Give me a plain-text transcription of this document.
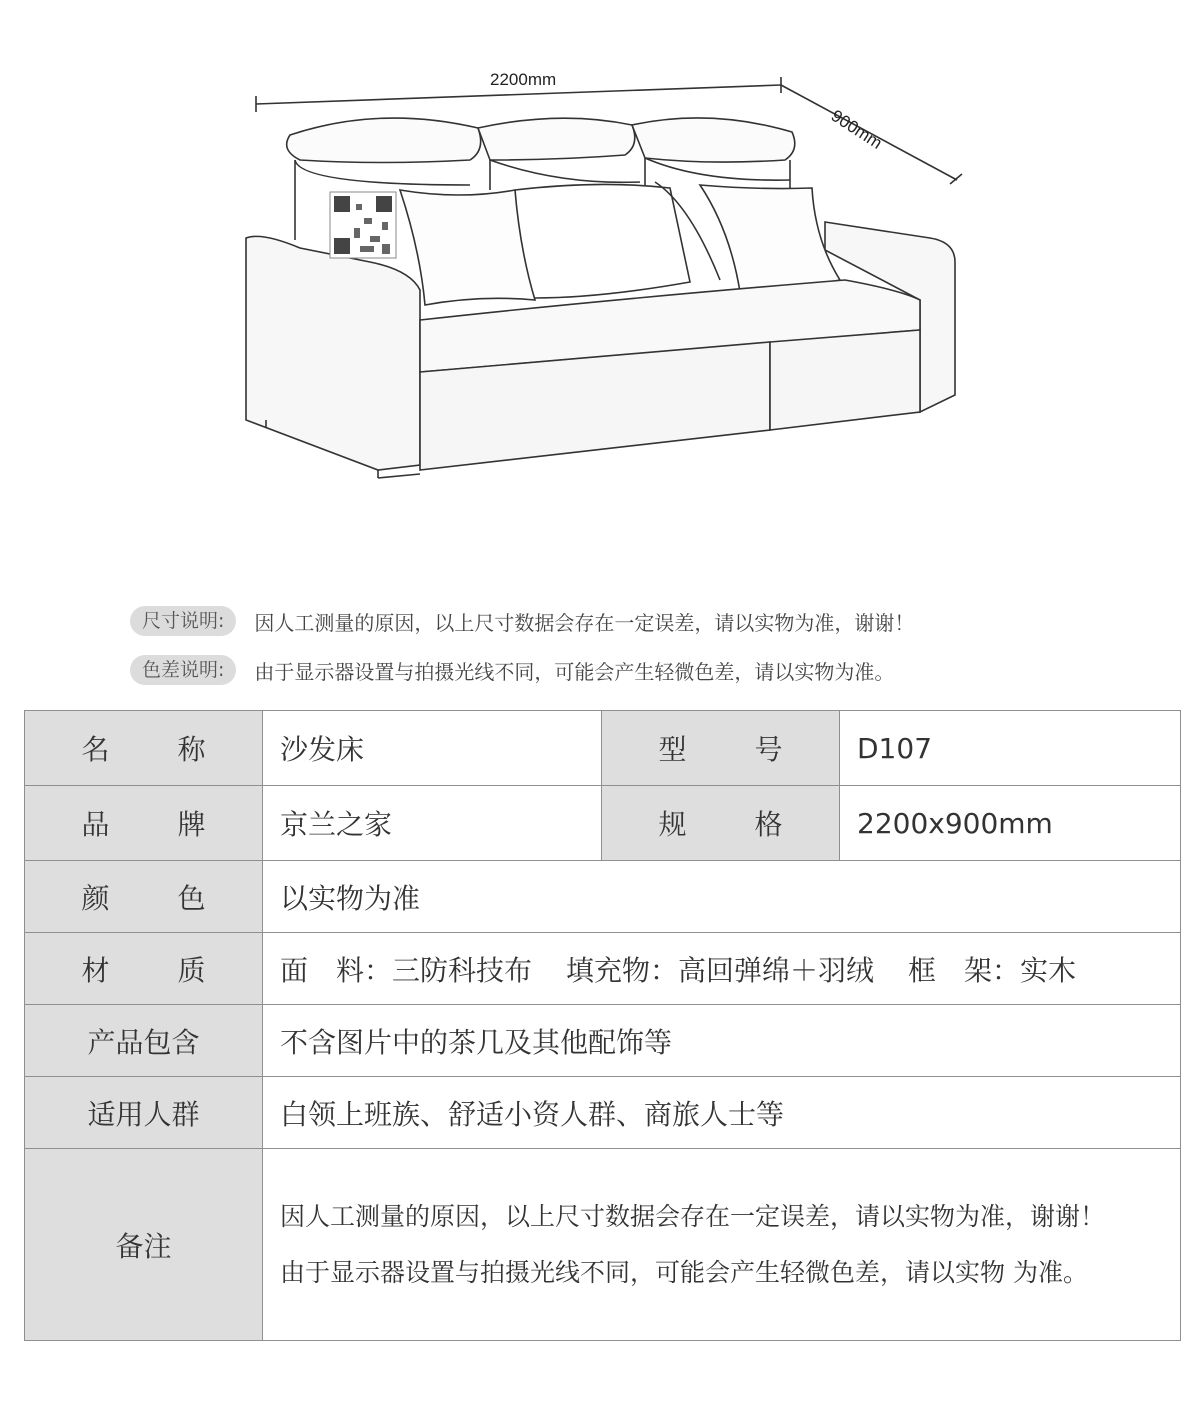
2200mm
900mm
尺寸说明:	因人工测量的原因，以上尺寸数据会存在一定误差，请以实物为准，谢谢！
色差说明:	由于显示器设置与拍摄光线不同，可能会产生轻微色差，请以实物为准。
名称	沙发床	型号	D107
品牌	京兰之家	规格	2200x900mm
颜色	以实物为准		
材质	面　料：三防科技布 填充物：高回弹绵＋羽绒 框　架：实木		
产品包含	不含图片中的茶几及其他配饰等		
适用人群	白领上班族、舒适小资人群、商旅人士等		
备注	因人工测量的原因，以上尺寸数据会存在一定误差，请以实物为准，谢谢！

由于显示器设置与拍摄光线不同，可能会产生轻微色差，请以实物 为准。		
